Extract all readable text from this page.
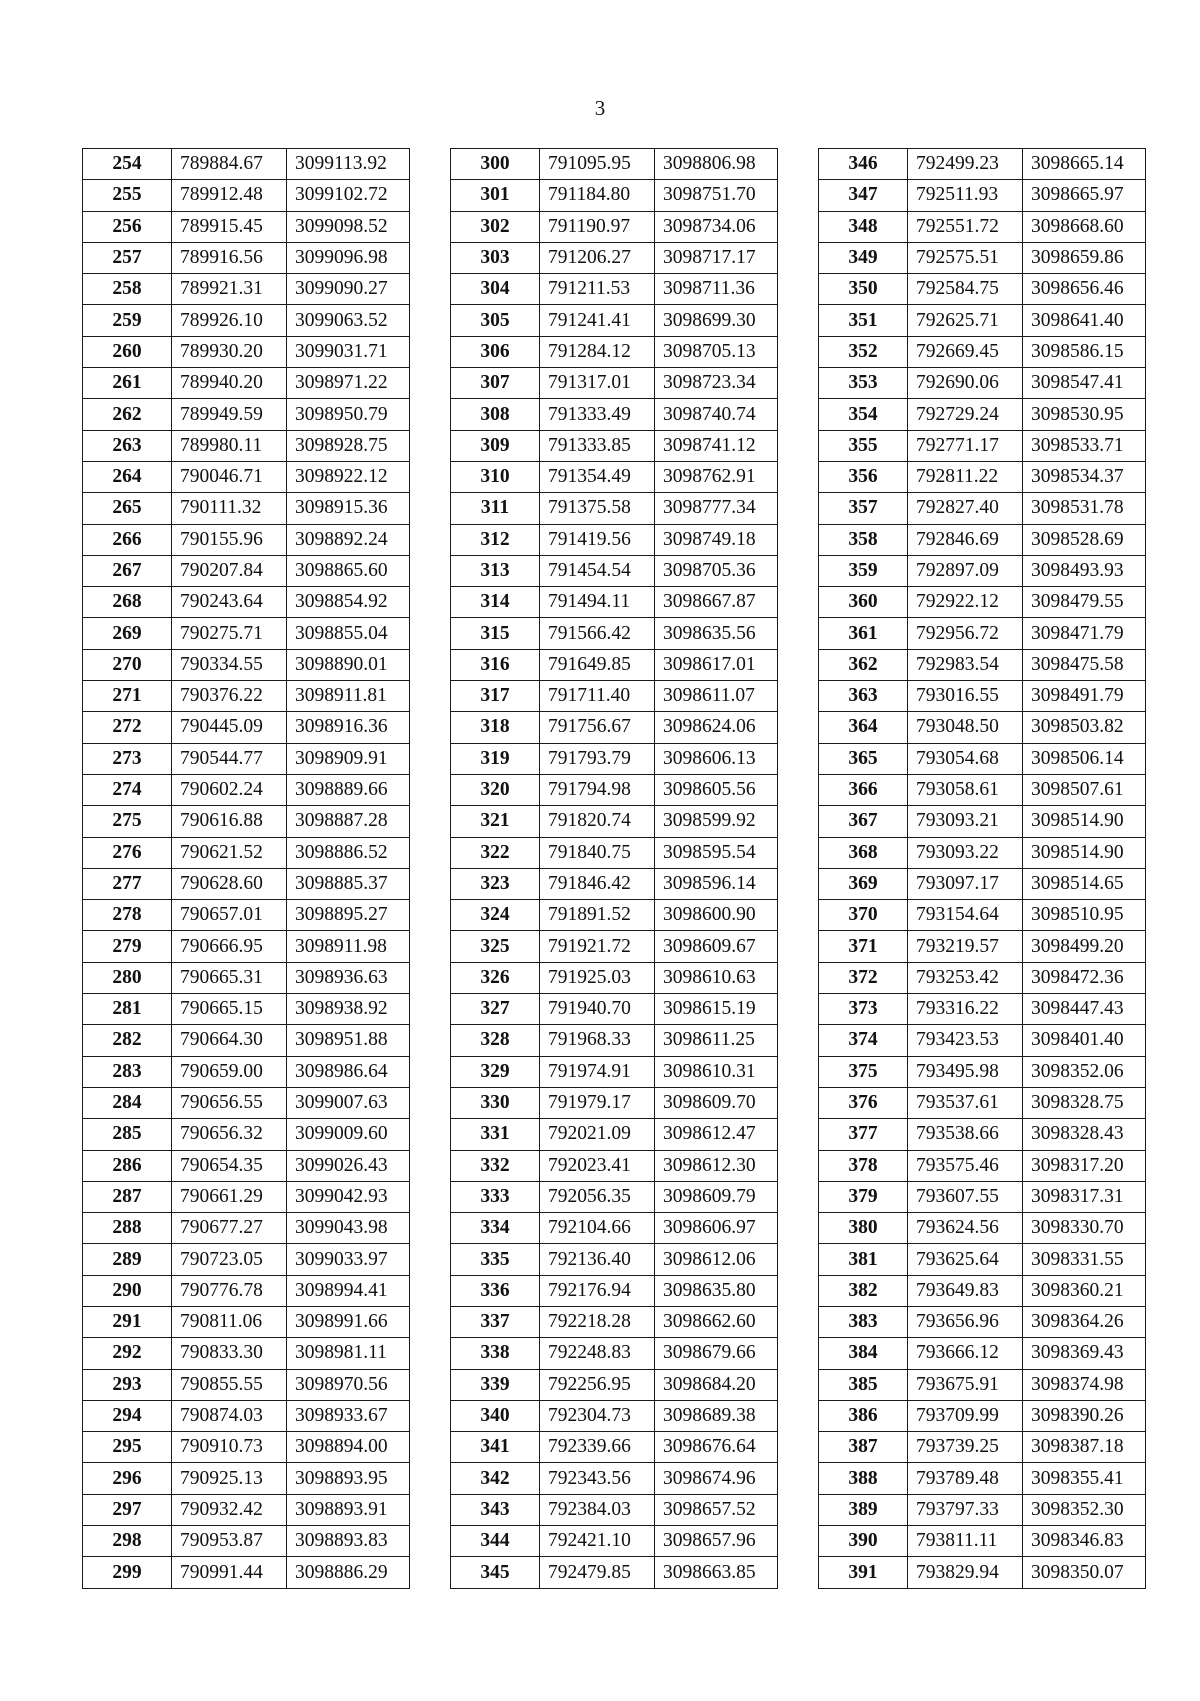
3
254	789884.67	3099113.92
255	789912.48	3099102.72
256	789915.45	3099098.52
257	789916.56	3099096.98
258	789921.31	3099090.27
259	789926.10	3099063.52
260	789930.20	3099031.71
261	789940.20	3098971.22
262	789949.59	3098950.79
263	789980.11	3098928.75
264	790046.71	3098922.12
265	790111.32	3098915.36
266	790155.96	3098892.24
267	790207.84	3098865.60
268	790243.64	3098854.92
269	790275.71	3098855.04
270	790334.55	3098890.01
271	790376.22	3098911.81
272	790445.09	3098916.36
273	790544.77	3098909.91
274	790602.24	3098889.66
275	790616.88	3098887.28
276	790621.52	3098886.52
277	790628.60	3098885.37
278	790657.01	3098895.27
279	790666.95	3098911.98
280	790665.31	3098936.63
281	790665.15	3098938.92
282	790664.30	3098951.88
283	790659.00	3098986.64
284	790656.55	3099007.63
285	790656.32	3099009.60
286	790654.35	3099026.43
287	790661.29	3099042.93
288	790677.27	3099043.98
289	790723.05	3099033.97
290	790776.78	3098994.41
291	790811.06	3098991.66
292	790833.30	3098981.11
293	790855.55	3098970.56
294	790874.03	3098933.67
295	790910.73	3098894.00
296	790925.13	3098893.95
297	790932.42	3098893.91
298	790953.87	3098893.83
299	790991.44	3098886.29
300	791095.95	3098806.98
301	791184.80	3098751.70
302	791190.97	3098734.06
303	791206.27	3098717.17
304	791211.53	3098711.36
305	791241.41	3098699.30
306	791284.12	3098705.13
307	791317.01	3098723.34
308	791333.49	3098740.74
309	791333.85	3098741.12
310	791354.49	3098762.91
311	791375.58	3098777.34
312	791419.56	3098749.18
313	791454.54	3098705.36
314	791494.11	3098667.87
315	791566.42	3098635.56
316	791649.85	3098617.01
317	791711.40	3098611.07
318	791756.67	3098624.06
319	791793.79	3098606.13
320	791794.98	3098605.56
321	791820.74	3098599.92
322	791840.75	3098595.54
323	791846.42	3098596.14
324	791891.52	3098600.90
325	791921.72	3098609.67
326	791925.03	3098610.63
327	791940.70	3098615.19
328	791968.33	3098611.25
329	791974.91	3098610.31
330	791979.17	3098609.70
331	792021.09	3098612.47
332	792023.41	3098612.30
333	792056.35	3098609.79
334	792104.66	3098606.97
335	792136.40	3098612.06
336	792176.94	3098635.80
337	792218.28	3098662.60
338	792248.83	3098679.66
339	792256.95	3098684.20
340	792304.73	3098689.38
341	792339.66	3098676.64
342	792343.56	3098674.96
343	792384.03	3098657.52
344	792421.10	3098657.96
345	792479.85	3098663.85
346	792499.23	3098665.14
347	792511.93	3098665.97
348	792551.72	3098668.60
349	792575.51	3098659.86
350	792584.75	3098656.46
351	792625.71	3098641.40
352	792669.45	3098586.15
353	792690.06	3098547.41
354	792729.24	3098530.95
355	792771.17	3098533.71
356	792811.22	3098534.37
357	792827.40	3098531.78
358	792846.69	3098528.69
359	792897.09	3098493.93
360	792922.12	3098479.55
361	792956.72	3098471.79
362	792983.54	3098475.58
363	793016.55	3098491.79
364	793048.50	3098503.82
365	793054.68	3098506.14
366	793058.61	3098507.61
367	793093.21	3098514.90
368	793093.22	3098514.90
369	793097.17	3098514.65
370	793154.64	3098510.95
371	793219.57	3098499.20
372	793253.42	3098472.36
373	793316.22	3098447.43
374	793423.53	3098401.40
375	793495.98	3098352.06
376	793537.61	3098328.75
377	793538.66	3098328.43
378	793575.46	3098317.20
379	793607.55	3098317.31
380	793624.56	3098330.70
381	793625.64	3098331.55
382	793649.83	3098360.21
383	793656.96	3098364.26
384	793666.12	3098369.43
385	793675.91	3098374.98
386	793709.99	3098390.26
387	793739.25	3098387.18
388	793789.48	3098355.41
389	793797.33	3098352.30
390	793811.11	3098346.83
391	793829.94	3098350.07
